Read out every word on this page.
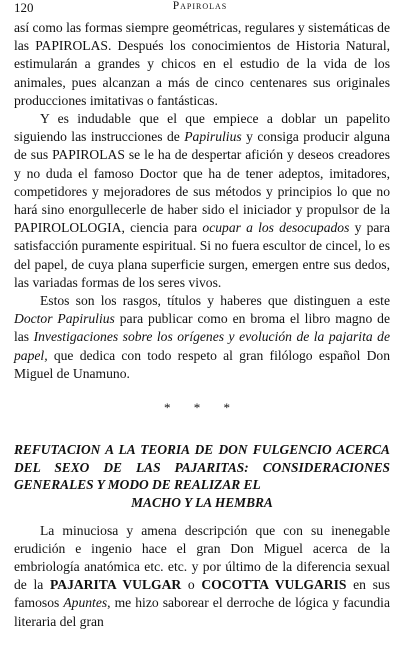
120	Papirolas

así como las formas siempre geométricas, regulares y sistemáticas de las PAPIROLAS. Después los conocimientos de Historia Natural, estimularán a grandes y chicos en el estudio de la vida de los animales, pues alcanzan a más de cinco centenares sus originales producciones imitativas o fantásticas.

Y es indudable que el que empiece a doblar un papelito siguiendo las instrucciones de Papirulius y consiga producir alguna de sus PAPIROLAS se le ha de despertar afición y deseos creadores y no duda el famoso Doctor que ha de tener adeptos, imitadores, competidores y mejoradores de sus métodos y principios lo que no hará sino enorgullecerle de haber sido el iniciador y propulsor de la PAPIROLOLOGIA, ciencia para ocupar a los desocupados y para satisfacción puramente espiritual. Si no fuera escultor de cincel, lo es del papel, de cuya plana superficie surgen, emergen entre sus dedos, las variadas formas de los seres vivos.

Estos son los rasgos, títulos y haberes que distinguen a este Doctor Papirulius para publicar como en broma el libro magno de las Investigaciones sobre los orígenes y evolución de la pajarita de papel, que dedica con todo respeto al gran filólogo español Don Miguel de Unamuno.

* * *
REFUTACION A LA TEORIA DE DON FULGENCIO ACERCA DEL SEXO DE LAS PAJARITAS: CONSIDERACIONES GENERALES Y MODO DE REALIZAR EL
MACHO Y LA HEMBRA

La minuciosa y amena descripción que con su inenegable erudición e ingenio hace el gran Don Miguel acerca de la embriología anatómica etc. etc. y por último de la diferencia sexual de la PAJARITA VULGAR o COCOTTA VULGARIS en sus famosos Apuntes, me hizo saborear el derroche de lógica y facundia literaria del gran
